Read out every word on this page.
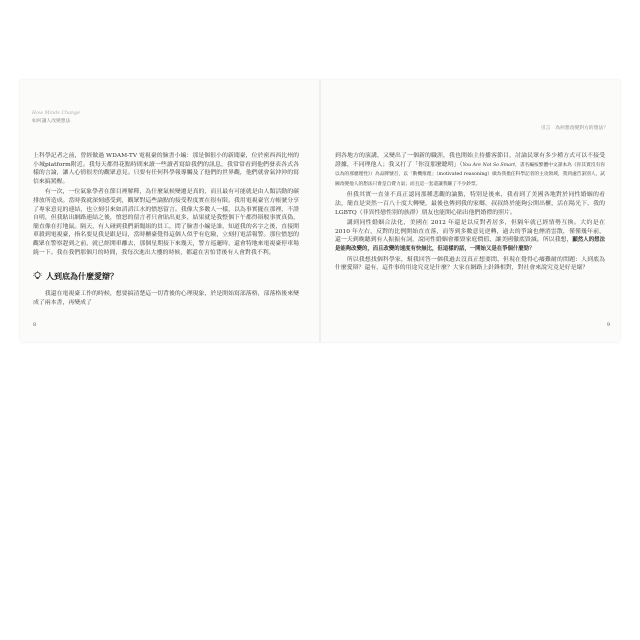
How Minds Change
如何讓人改變想法

上科學記者之前，曾經做過 WDAM-TV 電視臺的臉書小編：那是個很小的新聞臺，位於密西西比州的小城platform附近。我每天都得花點時間來讀一些讀者寫給我們的訊息，我常常看到他們發表各式各樣的言論，讓人心情很差的觀眾意見。只要有任何科學報導觸及了他們的世界觀，他們就會氣沖沖的寫信來搞罵醒。

有一次，一位氣象學者在節目裡解釋，為什麼氣候變遷是真的，而且最有可能就是由人類活動的碳排放所造成。當時我就深刻感受到，觀眾對這些論點的接受程度實在很有限。我用電視臺官方帳號分享了專家意見的連結，也立刻引來如滔滔江水的憤怒留言。我像大多數人一樣，以為事實擺在那裡，不證自明，但我貼出網路連結之後，憤怒的留言者只會貼出更多，結果就是我整個下午都得辯駁事實真偽，簡直像在打地鼠。隔天，有人碰到我們新聞組的員工，問了臉書小編是誰，知道我的名字之後，直接開車殺到電視臺，指名要見我是跟是局，當時櫃臺覺得這個人似乎有危險，立刻打電話報警。那位憤怒的觀眾在警察趕到之前，就已經開車離去，那個星期接下來幾天，警方巡邏時，還會特地來電視臺停車場繞一下。我在我們那個月的時間，我每次進出大樓的時候，都還在害怕背後有人會對我不利。

人到底為什麼愛辯？

我還在電視臺工作的時候，想要搞清楚這一切背後的心理現象，於是開始寫部落格，部落格後來變成了兩本書，再變成了

8
引言　為何想改變對方的想法？

到各地方的演講，又變出了一個新的職涯，我也開始主持播客節目，討論民眾有多少種方式可以不接受證據，不同理他人；我又打了「你沒那麼聰明」（You Are Not So Smart，書名編按繁體中文譯本為《你其實沒有你以為的那麼理性》）為品牌號召，以「動機推理」（motivated reasoning）做為我擔任科學記者的主攻領域，我到處告訴別人，試圖改變他人的想法只會是自費力氣；而且這一套還讓我賺了不少鈔票。

但我其實一直並不真正認同那種悲觀的論點，特別是後來，我看到了美國各地對於同性婚姻的看法，簡直是突然一百八十度大轉變，最後也傳到我的家鄉，叔叔終於能夠公開出櫃，活在陽光下，我的 LGBTQ（非異性戀性別的族群）朋友也能開心貼出他們婚禮的照片。

講到同性婚姻合法化，美國在 2012 年還是以反對者居多，但隔年就已經情勢互換。大約是在 2010 年左右，反對的比例開始直直落，而等到多數意見逆轉，過去的爭論也煙消雲散，僅僅幾年前，還一天到晚聽到有人振振有詞，說同性婚姻會摧毀家庭價值、讓美國徹底毀滅。所以我想，顯然人的想法是能夠改變的，而且改變的速度有快無比，但這樣的話，一開始又是在爭個什麼勁？

所以我想找個科學家，幫我回答一個我過去沒真正想要問、但現在覺得心癢難耐的問題：人到底為什麼愛辯？還有，這件事的用途究竟是什麼？大家在網路上針鋒相對，對社會來說究竟是好是壞？

9
